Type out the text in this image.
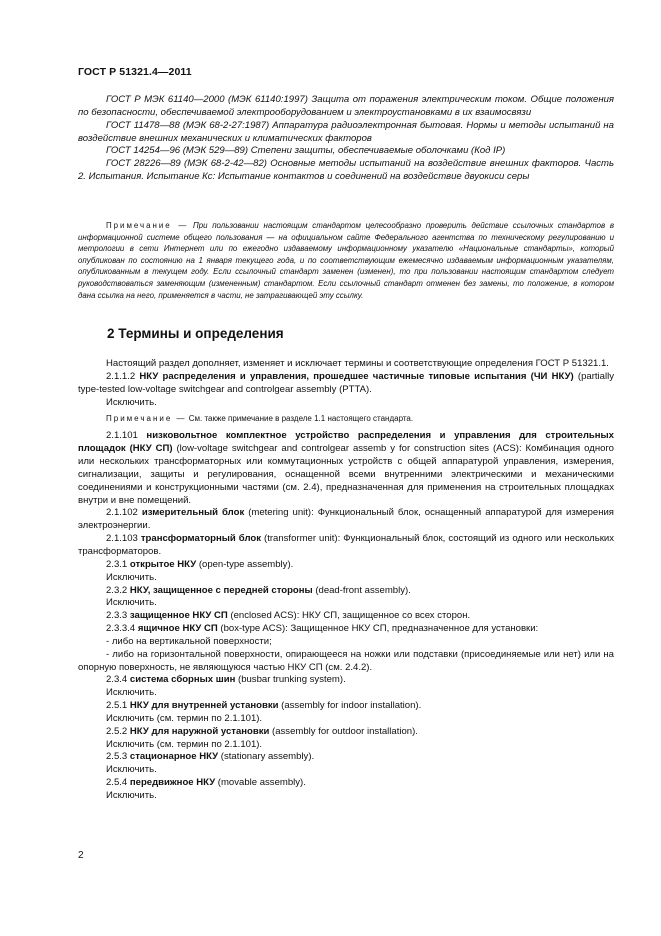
ГОСТ Р 51321.4—2011

ГОСТ Р МЭК 61140—2000 (МЭК 61140:1997) Защита от поражения электрическим током. Общие положения по безопасности, обеспечиваемой электрооборудованием и электроустановками в их взаимосвязи

ГОСТ 11478—88 (МЭК 68-2-27:1987) Аппаратура радиоэлектронная бытовая. Нормы и методы испытаний на воздействие внешних механических и климатических факторов

ГОСТ 14254—96 (МЭК 529—89) Степени защиты, обеспечиваемые оболочками (Код IP)

ГОСТ 28226—89 (МЭК 68-2-42—82) Основные методы испытаний на воздействие внешних факторов. Часть 2. Испытания. Испытание Кс: Испытание контактов и соединений на воздействие двуокиси серы

Примечание — При пользовании настоящим стандартом целесообразно проверить действие ссылочных стандартов в информационной системе общего пользования — на официальном сайте Федерального агентства по техническому регулированию и метрологии в сети Интернет или по ежегодно издаваемому информационному указателю «Национальные стандарты», который опубликован по состоянию на 1 января текущего года, и по соответствующим ежемесячно издаваемым информационным указателям, опубликованным в текущем году. Если ссылочный стандарт заменен (изменен), то при пользовании настоящим стандартом следует руководствоваться заменяющим (измененным) стандартом. Если ссылочный стандарт отменен без замены, то положение, в котором дана ссылка на него, применяется в части, не затрагивающей эту ссылку.

2 Термины и определения

Настоящий раздел дополняет, изменяет и исключает термины и соответствующие определения ГОСТ Р 51321.1.

2.1.1.2 НКУ распределения и управления, прошедшее частичные типовые испытания (ЧИ НКУ) (partially type-tested low-voltage switchgear and controlgear assembly (PTTA).

Исключить.

Примечание — См. также примечание в разделе 1.1 настоящего стандарта.

2.1.101 низковольтное комплектное устройство распределения и управления для строительных площадок (НКУ СП) (low-voltage switchgear and controlgear assemb y for construction sites (ACS): Комбинация одного или нескольких трансформаторных или коммутационных устройств с общей аппаратурой управления, измерения, сигнализации, защиты и регулирования, оснащенной всеми внутренними электрическими и механическими соединениями и конструкционными частями (см. 2.4), предназначенная для применения на строительных площадках внутри и вне помещений.

2.1.102 измерительный блок (metering unit): Функциональный блок, оснащенный аппаратурой для измерения электроэнергии.

2.1.103 трансформаторный блок (transformer unit): Функциональный блок, состоящий из одного или нескольких трансформаторов.

2.3.1 открытое НКУ (open-type assembly).

Исключить.

2.3.2 НКУ, защищенное с передней стороны (dead-front assembly).

Исключить.

2.3.3 защищенное НКУ СП (enclosed ACS): НКУ СП, защищенное со всех сторон.

2.3.3.4 ящичное НКУ СП (box-type ACS): Защищенное НКУ СП, предназначенное для установки:

- либо на вертикальной поверхности;

- либо на горизонтальной поверхности, опирающееся на ножки или подставки (присоединяемые или нет) или на опорную поверхность, не являющуюся частью НКУ СП (см. 2.4.2).

2.3.4 система сборных шин (busbar trunking system).

Исключить.

2.5.1 НКУ для внутренней установки (assembly for indoor installation).

Исключить (см. термин по 2.1.101).

2.5.2 НКУ для наружной установки (assembly for outdoor installation).

Исключить (см. термин по 2.1.101).

2.5.3 стационарное НКУ (stationary assembly).

Исключить.

2.5.4 передвижное НКУ (movable assembly).

Исключить.

2
